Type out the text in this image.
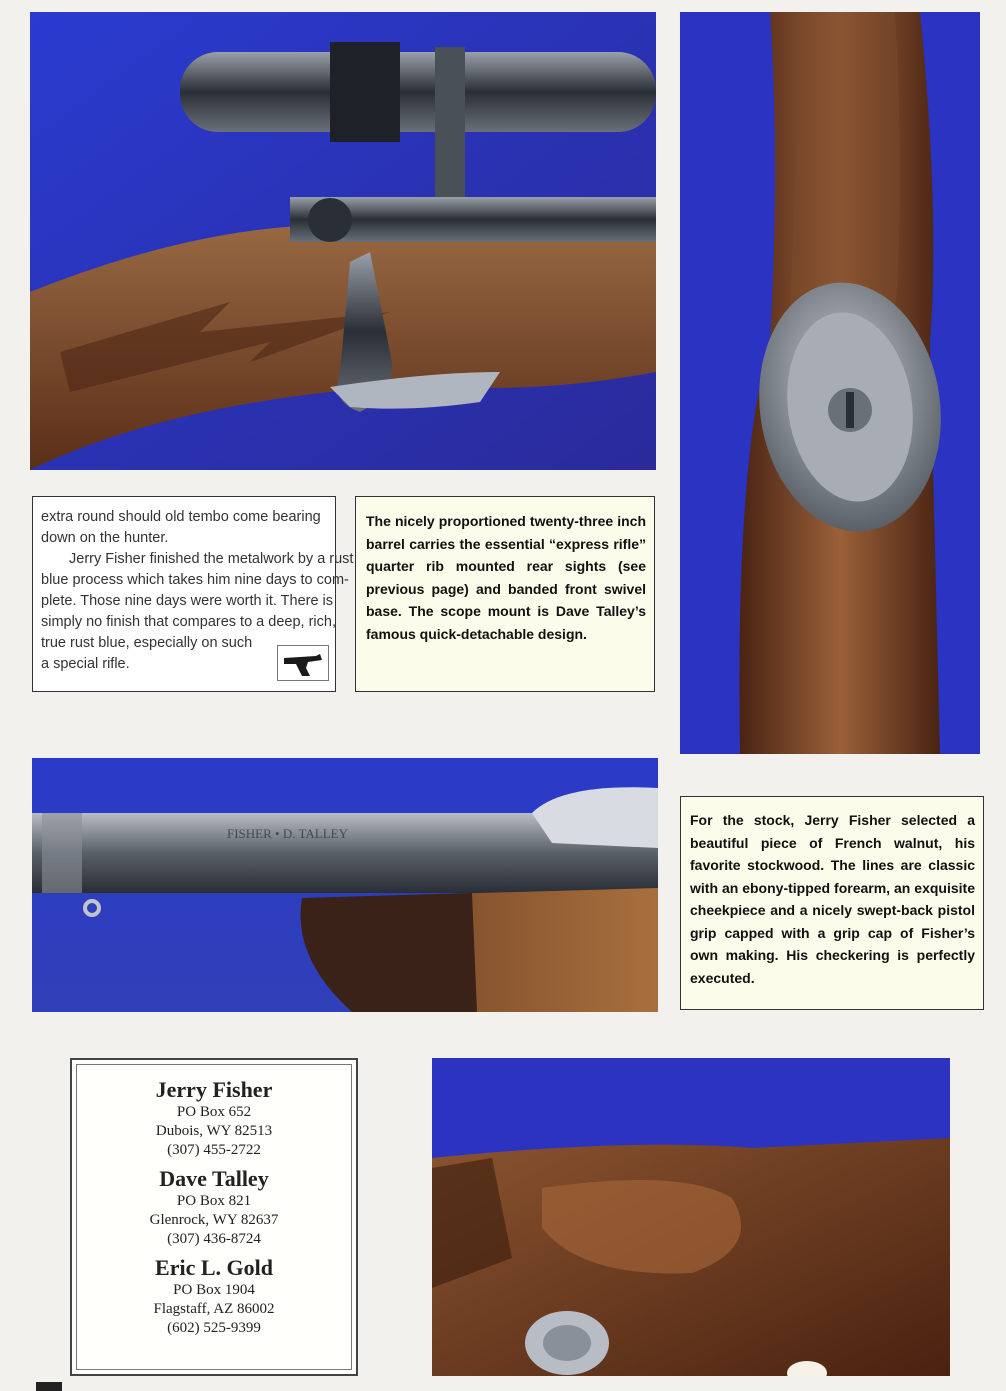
FISHER • D. TALLEY

extra round should old tembo come bearing

down on the hunter.

Jerry Fisher finished the metalwork by a rust

blue process which takes him nine days to com-

plete. Those nine days were worth it. There is

simply no finish that compares to a deep, rich,

true rust blue, especially on such

a special rifle.

The nicely proportioned twenty-three inch barrel carries the essential “express rifle” quarter rib mounted rear sights (see previous page) and banded front swivel base. The scope mount is Dave Talley’s famous quick-detachable design.

For the stock, Jerry Fisher selected a beautiful piece of French walnut, his favorite stockwood. The lines are classic with an ebony-tipped forearm, an exquisite cheekpiece and a nicely swept-back pistol grip capped with a grip cap of Fisher’s own making. His checkering is perfectly executed.

Jerry Fisher
PO Box 652
Dubois, WY 82513
(307) 455-2722
Dave Talley
PO Box 821
Glenrock, WY 82637
(307) 436-8724
Eric L. Gold
PO Box 1904
Flagstaff, AZ 86002
(602) 525-9399
